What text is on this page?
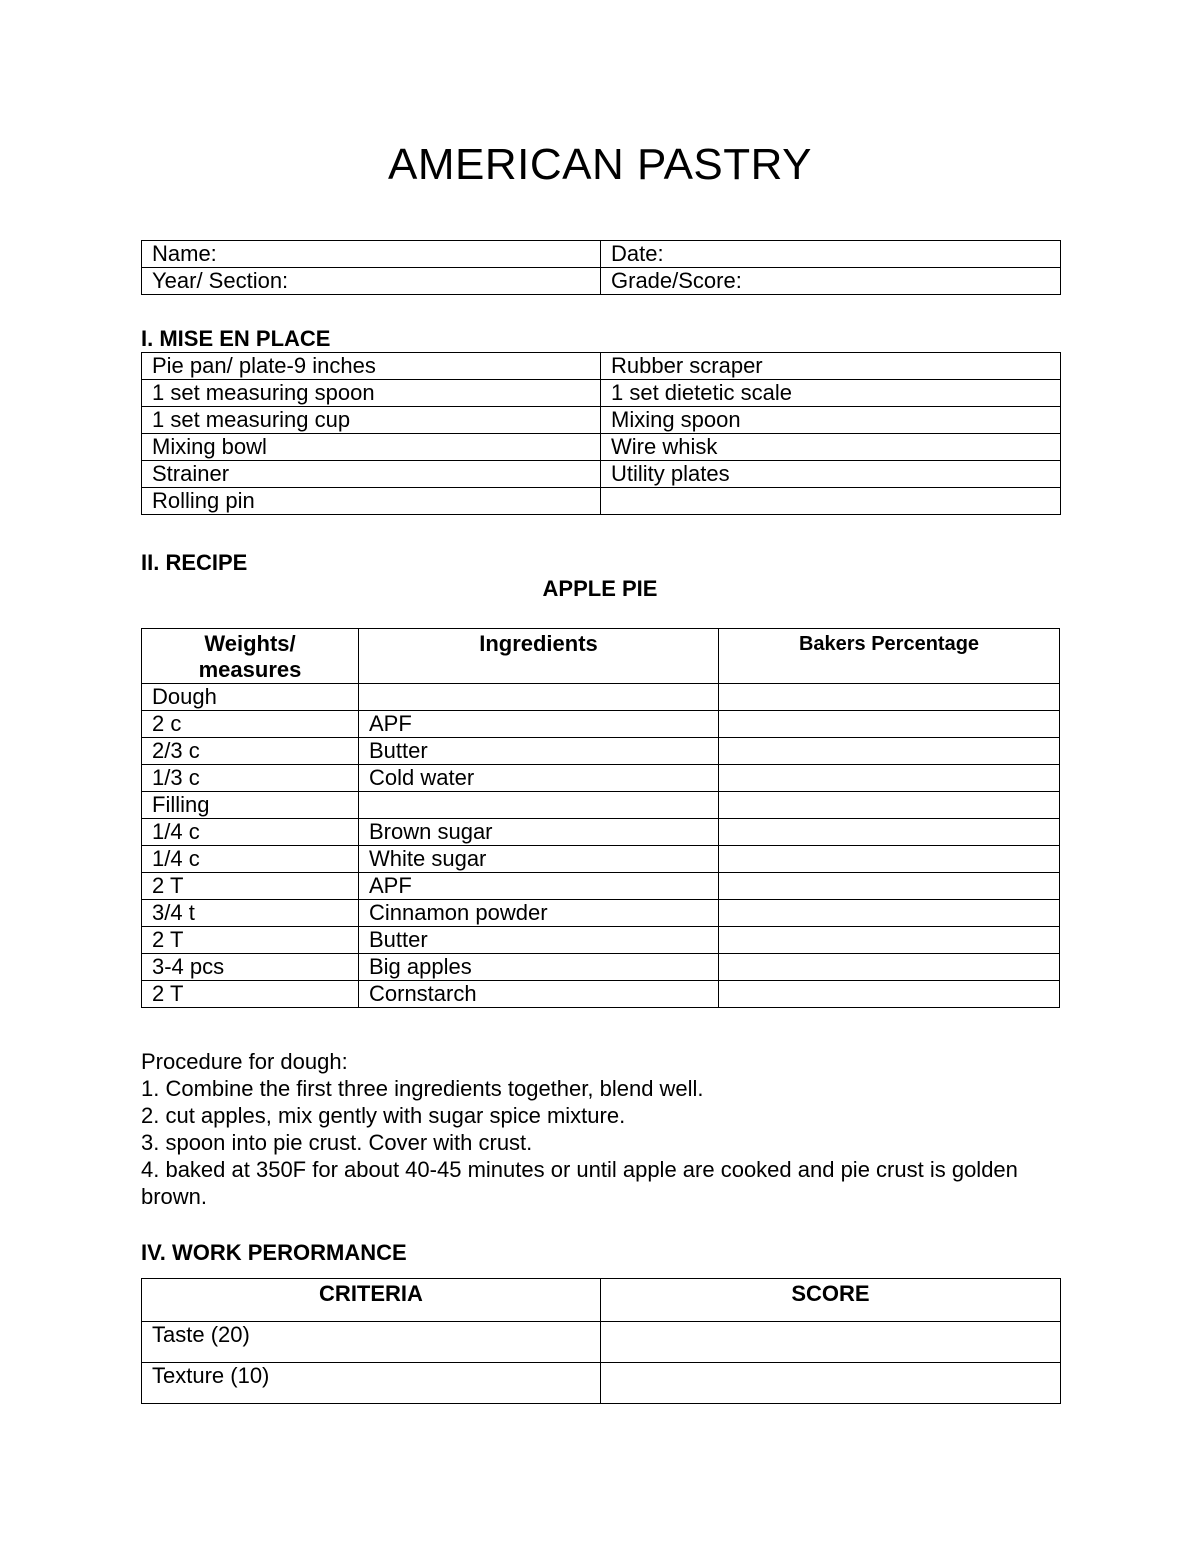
AMERICAN PASTRY
Name:	Date:
Year/ Section:	Grade/Score:
I. MISE EN PLACE
Pie pan/ plate-9 inches	Rubber scraper
1 set measuring spoon	1 set dietetic scale
1 set measuring cup	Mixing spoon
Mixing bowl	Wire whisk
Strainer	Utility plates
Rolling pin	
II. RECIPE
APPLE PIE
Weights/ measures	Ingredients	Bakers Percentage
Dough		
2 c	APF	
2/3 c	Butter	
1/3 c	Cold water	
Filling		
1/4 c	Brown sugar	
1/4 c	White sugar	
2 T	APF	
3/4 t	Cinnamon powder	
2 T	Butter	
3-4 pcs	Big apples	
2 T	Cornstarch	

Procedure for dough:

1. Combine the first three ingredients together, blend well.

2. cut apples, mix gently with sugar spice mixture.

3. spoon into pie crust. Cover with crust.

4. baked at 350F for about 40-45 minutes or until apple are cooked and pie crust is golden brown.

IV. WORK PERORMANCE
CRITERIA	SCORE
Taste (20)	
Texture (10)	
